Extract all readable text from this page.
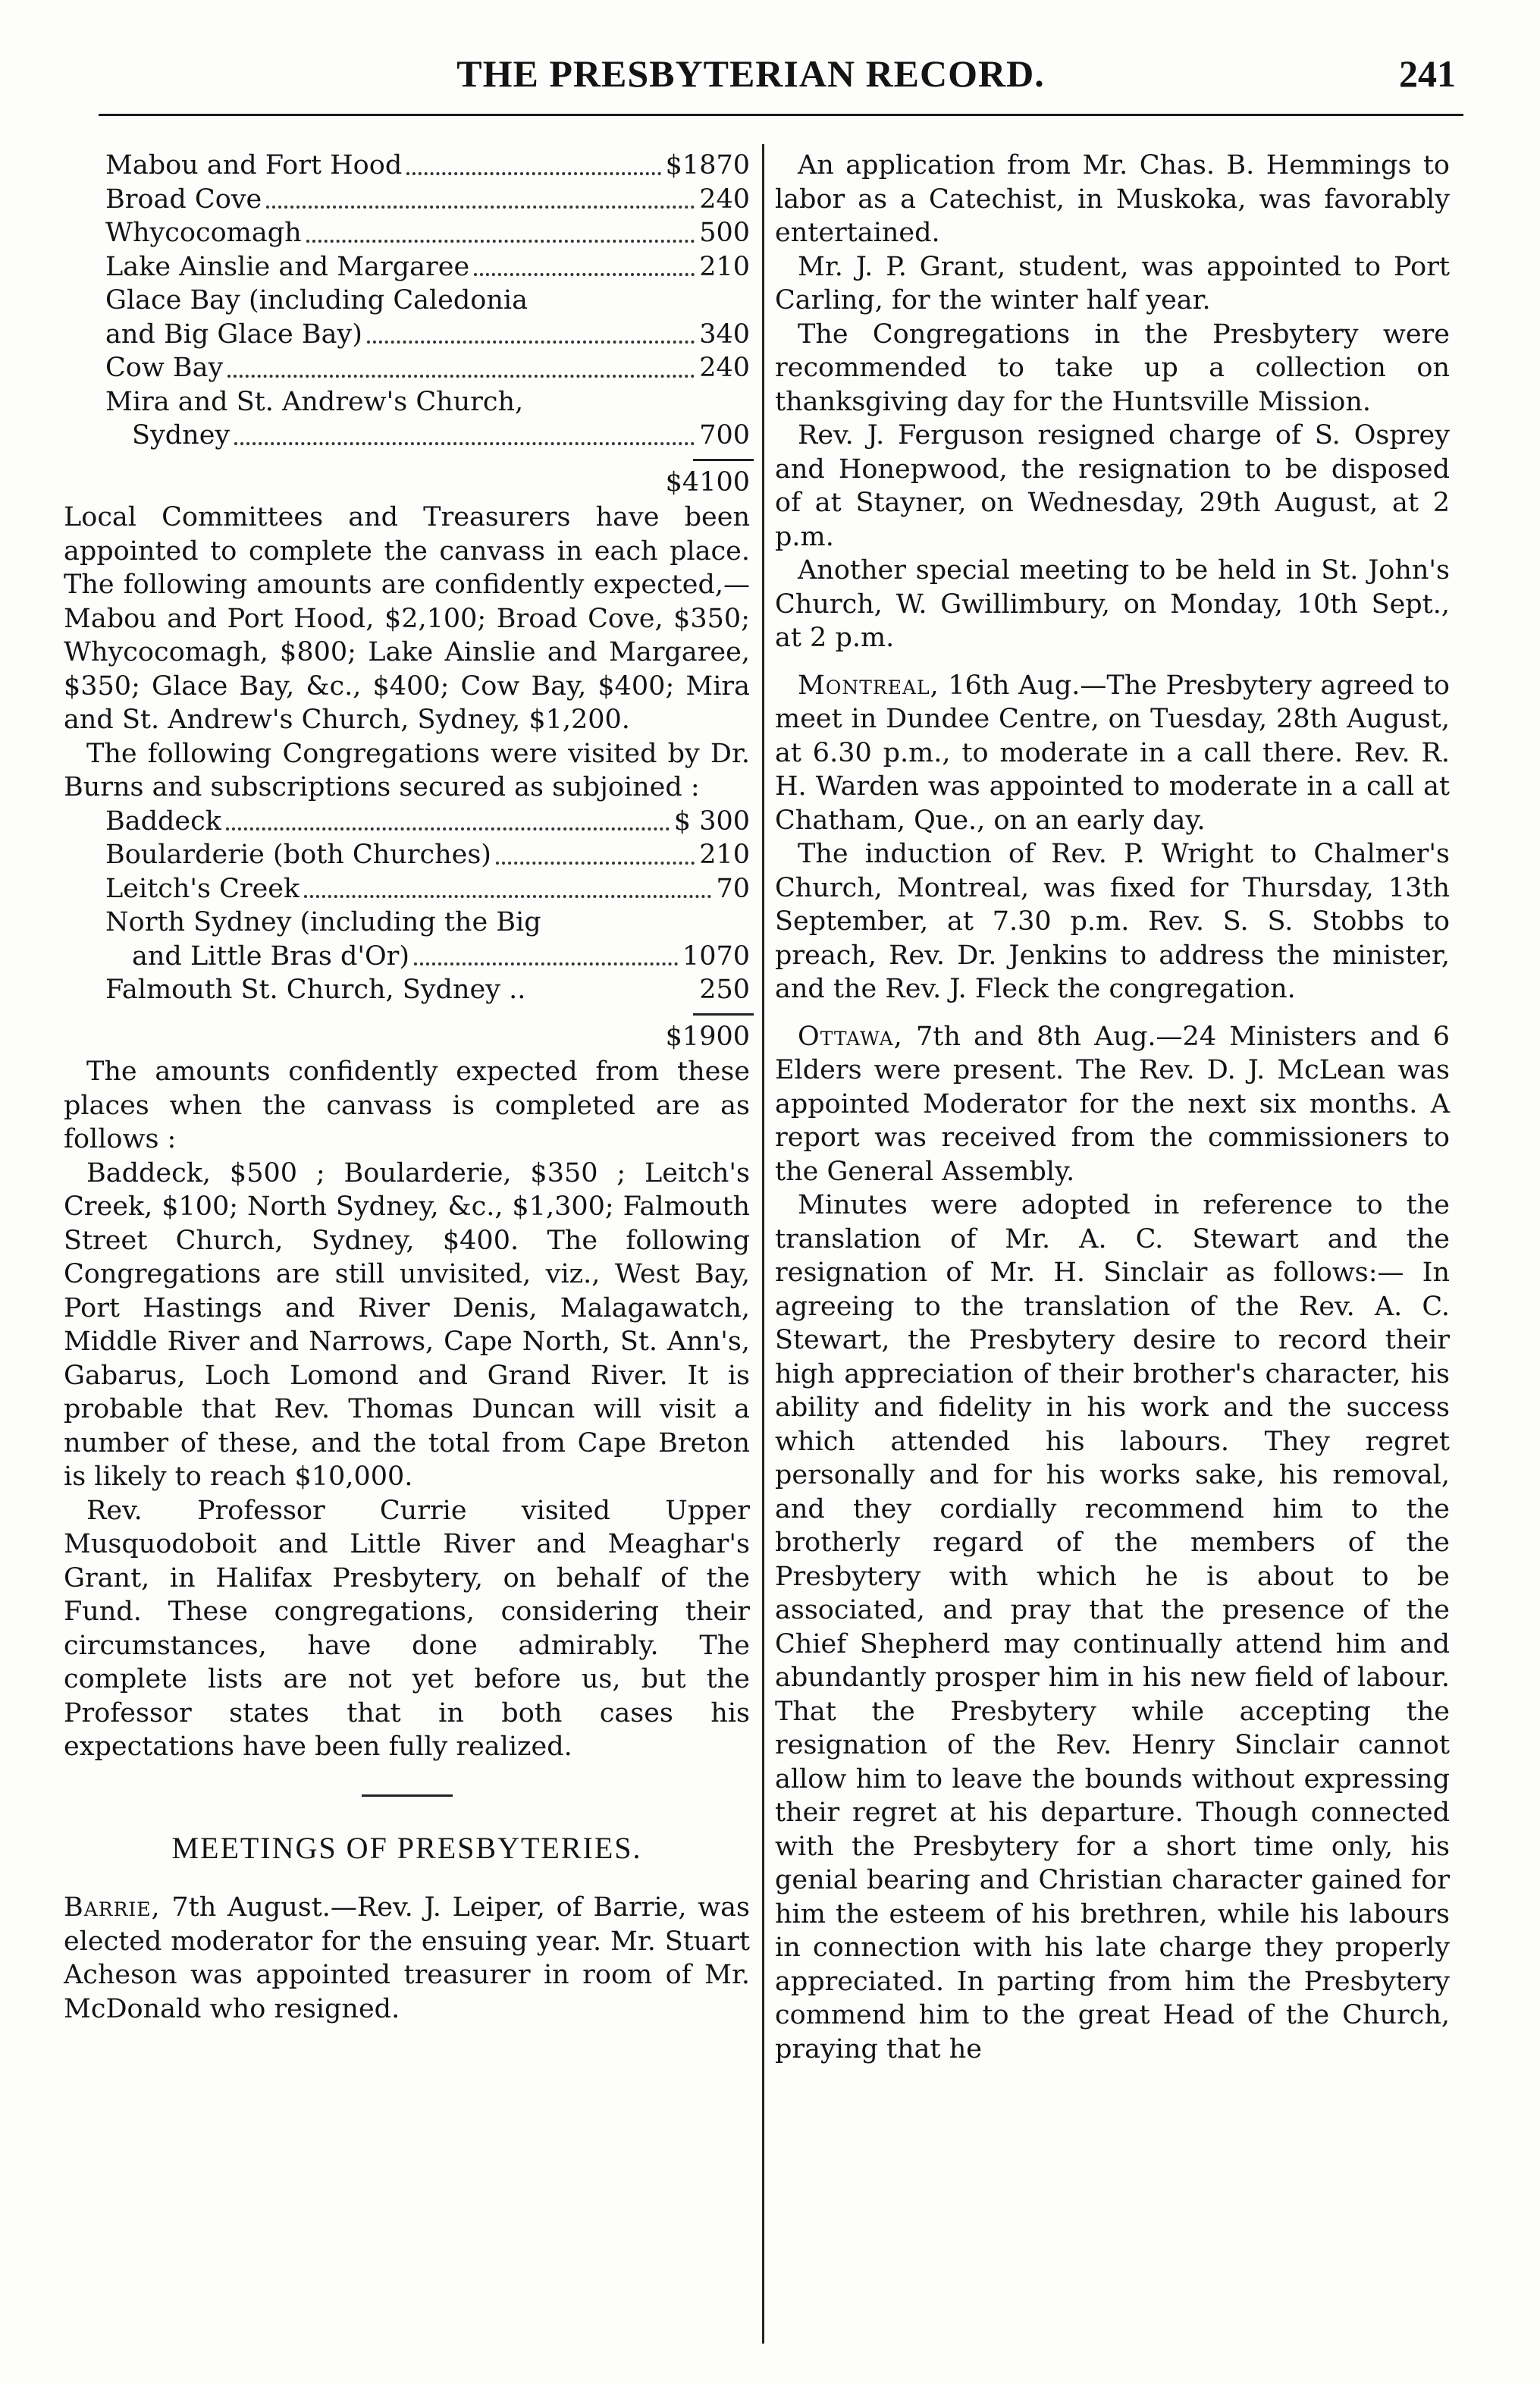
THE PRESBYTERIAN RECORD.	241
Mabou and Fort Hood	$1870
Broad Cove	240
Whycocomagh	500
Lake Ainslie and Margaree	210
Glace Bay (including Caledonia
and Big Glace Bay)	340
Cow Bay	240
Mira and St. Andrew's Church,
Sydney	700
$4100

Local Committees and Treasurers have been appointed to complete the canvass in each place. The following amounts are confidently expected,—Mabou and Port Hood, $2,100; Broad Cove, $350; Whycocomagh, $800; Lake Ainslie and Margaree, $350; Glace Bay, &c., $400; Cow Bay, $400; Mira and St. Andrew's Church, Sydney, $1,200.

The following Congregations were visited by Dr. Burns and subscriptions secured as subjoined :

Baddeck	$ 300
Boularderie (both Churches)	210
Leitch's Creek	70
North Sydney (including the Big
and Little Bras d'Or)	1070
Falmouth St. Church, Sydney ..	250
$1900

The amounts confidently expected from these places when the canvass is completed are as follows :

Baddeck, $500 ; Boularderie, $350 ; Leitch's Creek, $100; North Sydney, &c., $1,300; Falmouth Street Church, Sydney, $400. The following Congregations are still unvisited, viz., West Bay, Port Hastings and River Denis, Malagawatch, Middle River and Narrows, Cape North, St. Ann's, Gabarus, Loch Lomond and Grand River. It is probable that Rev. Thomas Duncan will visit a number of these, and the total from Cape Breton is likely to reach $10,000.

Rev. Professor Currie visited Upper Musquodoboit and Little River and Meaghar's Grant, in Halifax Presbytery, on behalf of the Fund. These congregations, considering their circumstances, have done admirably. The complete lists are not yet before us, but the Professor states that in both cases his expectations have been fully realized.

MEETINGS OF PRESBYTERIES.

Barrie, 7th August.—Rev. J. Leiper, of Barrie, was elected moderator for the ensuing year. Mr. Stuart Acheson was appointed treasurer in room of Mr. McDonald who resigned.

An application from Mr. Chas. B. Hemmings to labor as a Catechist, in Muskoka, was favorably entertained.

Mr. J. P. Grant, student, was appointed to Port Carling, for the winter half year.

The Congregations in the Presbytery were recommended to take up a collection on thanksgiving day for the Huntsville Mission.

Rev. J. Ferguson resigned charge of S. Osprey and Honepwood, the resignation to be disposed of at Stayner, on Wednesday, 29th August, at 2 p.m.

Another special meeting to be held in St. John's Church, W. Gwillimbury, on Monday, 10th Sept., at 2 p.m.

Montreal, 16th Aug.—The Presbytery agreed to meet in Dundee Centre, on Tuesday, 28th August, at 6.30 p.m., to moderate in a call there. Rev. R. H. Warden was appointed to moderate in a call at Chatham, Que., on an early day.

The induction of Rev. P. Wright to Chalmer's Church, Montreal, was fixed for Thursday, 13th September, at 7.30 p.m. Rev. S. S. Stobbs to preach, Rev. Dr. Jenkins to address the minister, and the Rev. J. Fleck the congregation.

Ottawa, 7th and 8th Aug.—24 Ministers and 6 Elders were present. The Rev. D. J. McLean was appointed Moderator for the next six months. A report was received from the commissioners to the General Assembly.

Minutes were adopted in reference to the translation of Mr. A. C. Stewart and the resignation of Mr. H. Sinclair as follows:— In agreeing to the translation of the Rev. A. C. Stewart, the Presbytery desire to record their high appreciation of their brother's character, his ability and fidelity in his work and the success which attended his labours. They regret personally and for his works sake, his removal, and they cordially recommend him to the brotherly regard of the members of the Presbytery with which he is about to be associated, and pray that the presence of the Chief Shepherd may continually attend him and abundantly prosper him in his new field of labour. That the Presbytery while accepting the resignation of the Rev. Henry Sinclair cannot allow him to leave the bounds without expressing their regret at his departure. Though connected with the Presbytery for a short time only, his genial bearing and Christian character gained for him the esteem of his brethren, while his labours in connection with his late charge they properly appreciated. In parting from him the Presbytery commend him to the great Head of the Church, praying that he
